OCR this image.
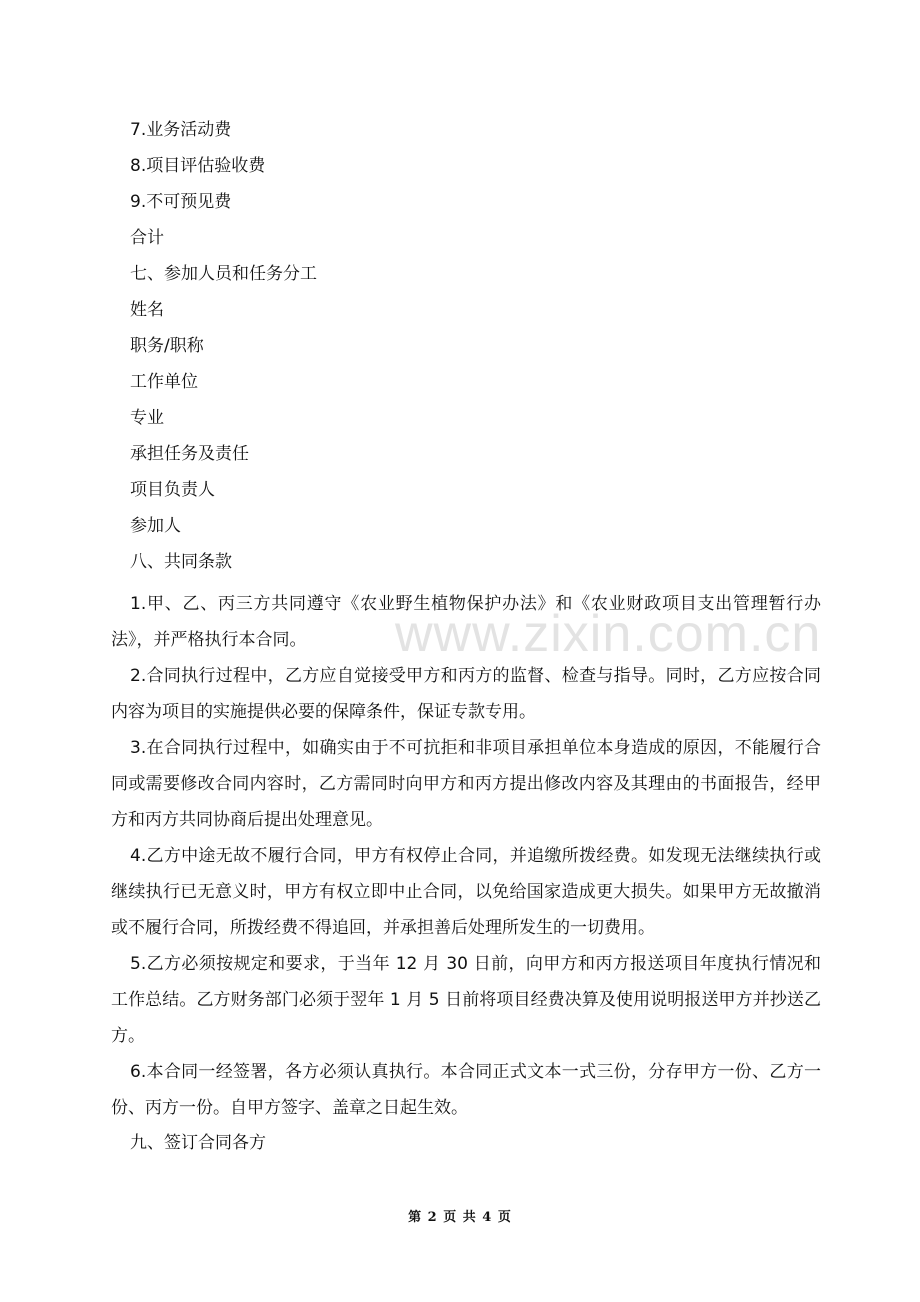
7.业务活动费
8.项目评估验收费
9.不可预见费
合计
七、参加人员和任务分工
姓名
职务/职称
工作单位
专业
承担任务及责任
项目负责人
参加人
八、共同条款
1.甲、乙、丙三方共同遵守《农业野生植物保护办法》和《农业财政项目支出管理暂行办法》，并严格执行本合同。
2.合同执行过程中，乙方应自觉接受甲方和丙方的监督、检查与指导。同时，乙方应按合同内容为项目的实施提供必要的保障条件，保证专款专用。
3.在合同执行过程中，如确实由于不可抗拒和非项目承担单位本身造成的原因，不能履行合同或需要修改合同内容时，乙方需同时向甲方和丙方提出修改内容及其理由的书面报告，经甲方和丙方共同协商后提出处理意见。
4.乙方中途无故不履行合同，甲方有权停止合同，并追缴所拨经费。如发现无法继续执行或继续执行已无意义时，甲方有权立即中止合同，以免给国家造成更大损失。如果甲方无故撤消或不履行合同，所拨经费不得追回，并承担善后处理所发生的一切费用。
5.乙方必须按规定和要求，于当年 12 月 30 日前，向甲方和丙方报送项目年度执行情况和工作总结。乙方财务部门必须于翌年 1 月 5 日前将项目经费决算及使用说明报送甲方并抄送乙方。
6.本合同一经签署，各方必须认真执行。本合同正式文本一式三份，分存甲方一份、乙方一份、丙方一份。自甲方签字、盖章之日起生效。
九、签订合同各方
www.zixin.com.cn
第 2 页 共 4 页
